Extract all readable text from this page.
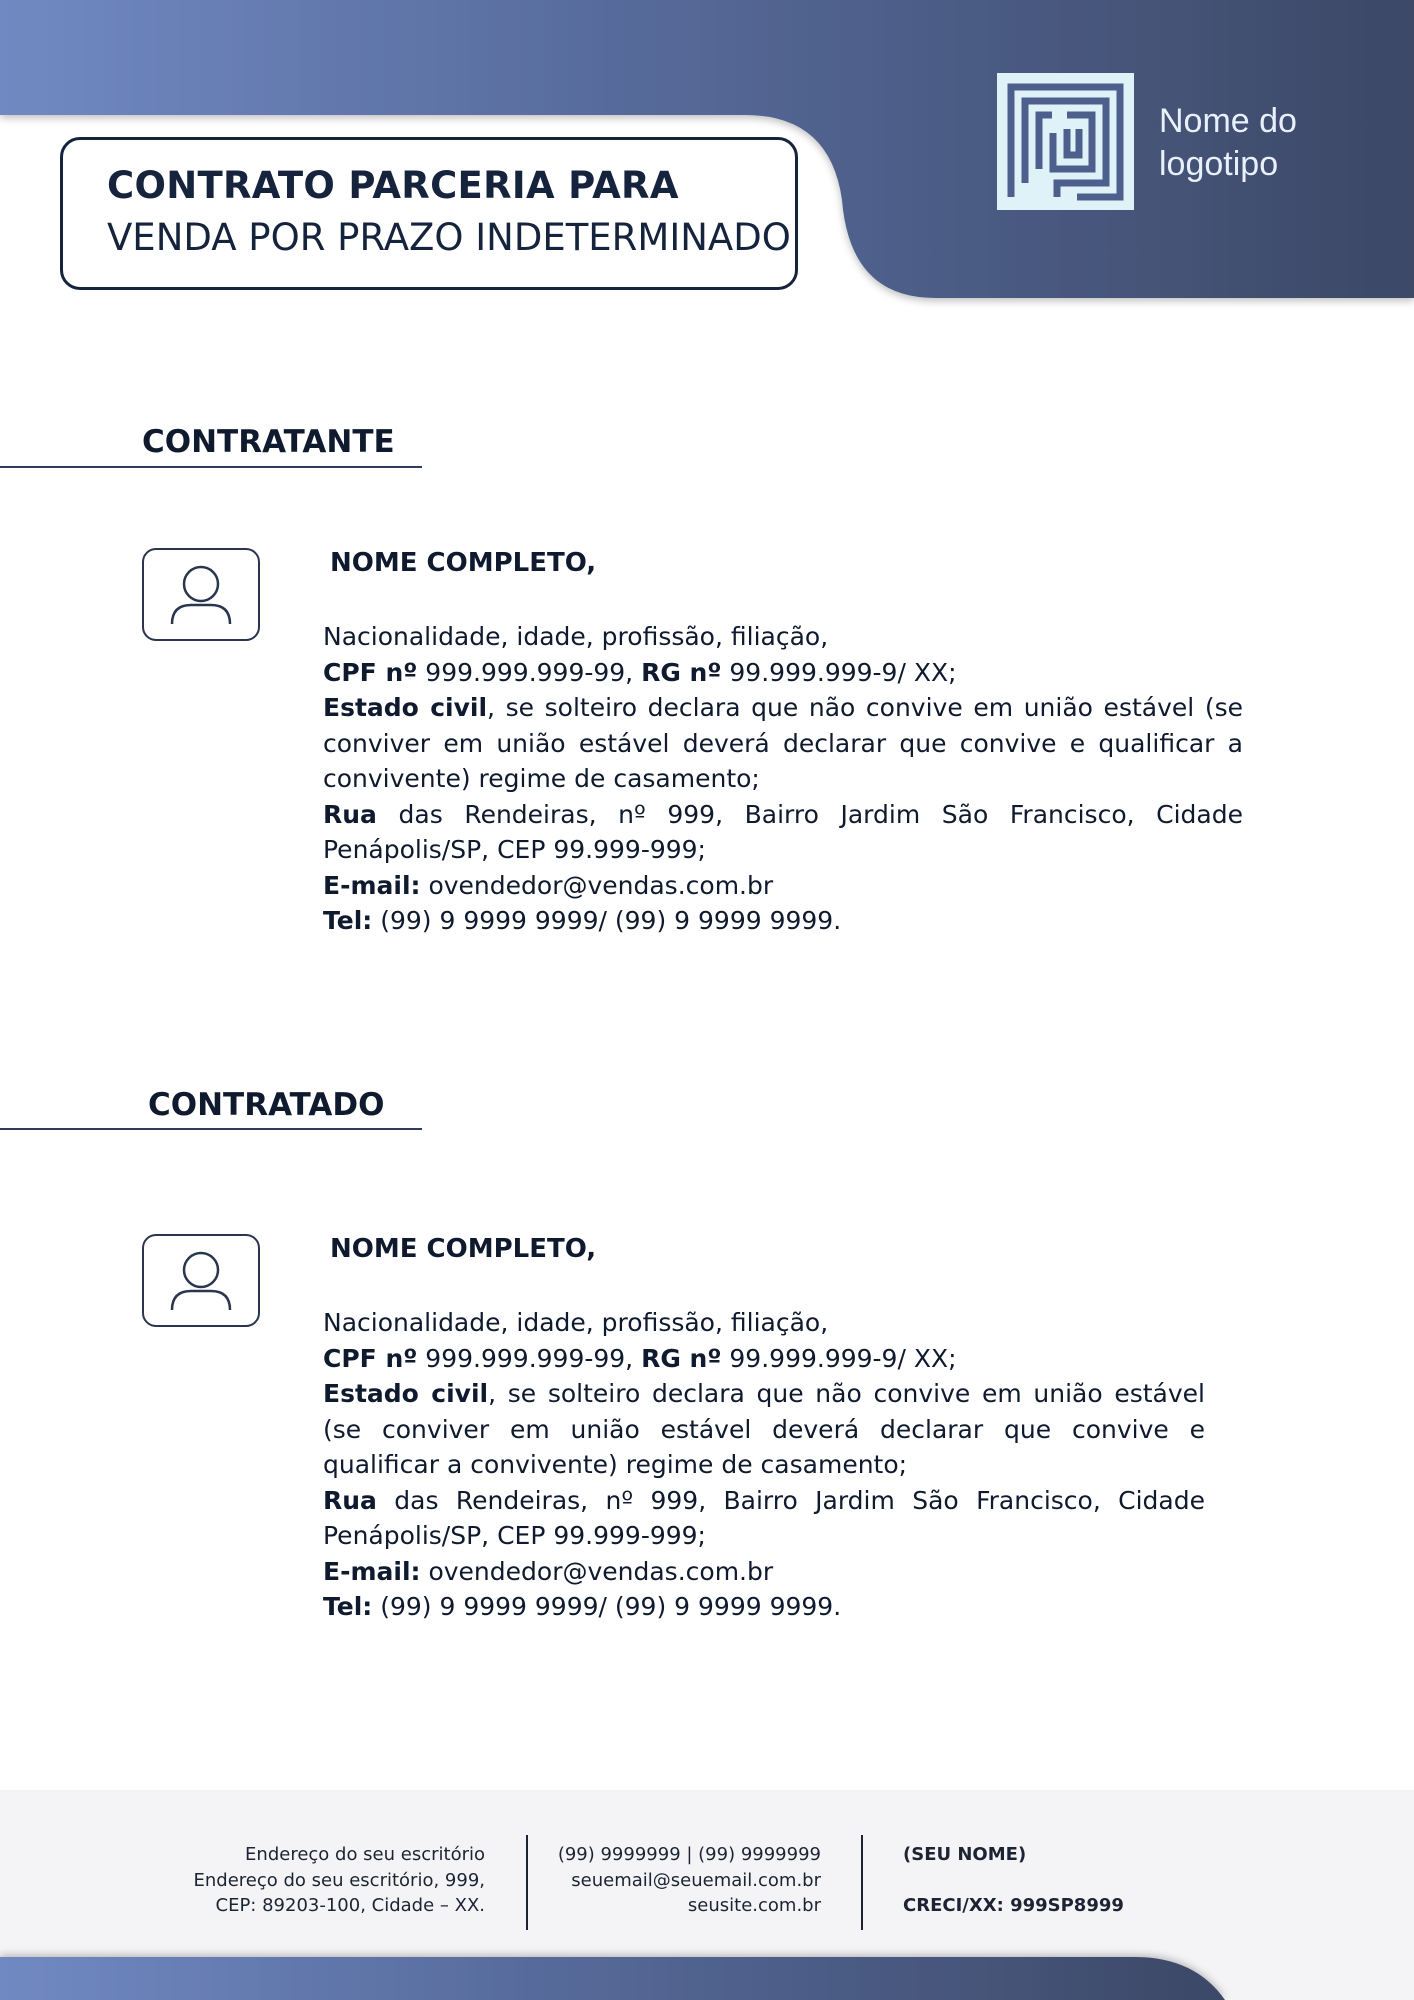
CONTRATO PARCERIA PARA
VENDA POR PRAZO INDETERMINADO
Nome do
logotipo
CONTRATANTE
NOME COMPLETO,
Nacionalidade, idade, profissão, filiação,
CPF nº 999.999.999-99, RG nº 99.999.999-9/ XX;
Estado civil, se solteiro declara que não convive em união estável (se conviver em união estável deverá declarar que convive e qualificar a convivente) regime de casamento;
Rua das Rendeiras, nº 999, Bairro Jardim São Francisco, Cidade Penápolis/SP, CEP 99.999-999;
E-mail: ovendedor@vendas.com.br
Tel: (99) 9 9999 9999/ (99) 9 9999 9999.
CONTRATADO
NOME COMPLETO,
Nacionalidade, idade, profissão, filiação,
CPF nº 999.999.999-99, RG nº 99.999.999-9/ XX;
Estado civil, se solteiro declara que não convive em união estável (se conviver em união estável deverá declarar que convive e qualificar a convivente) regime de casamento;
Rua das Rendeiras, nº 999, Bairro Jardim São Francisco, Cidade Penápolis/SP, CEP 99.999-999;
E-mail: ovendedor@vendas.com.br
Tel: (99) 9 9999 9999/ (99) 9 9999 9999.
Endereço do seu escritório
Endereço do seu escritório, 999,
CEP: 89203-100, Cidade – XX.
(99) 9999999 | (99) 9999999
seuemail@seuemail.com.br
seusite.com.br
(SEU NOME)
CRECI/XX: 999SP8999
